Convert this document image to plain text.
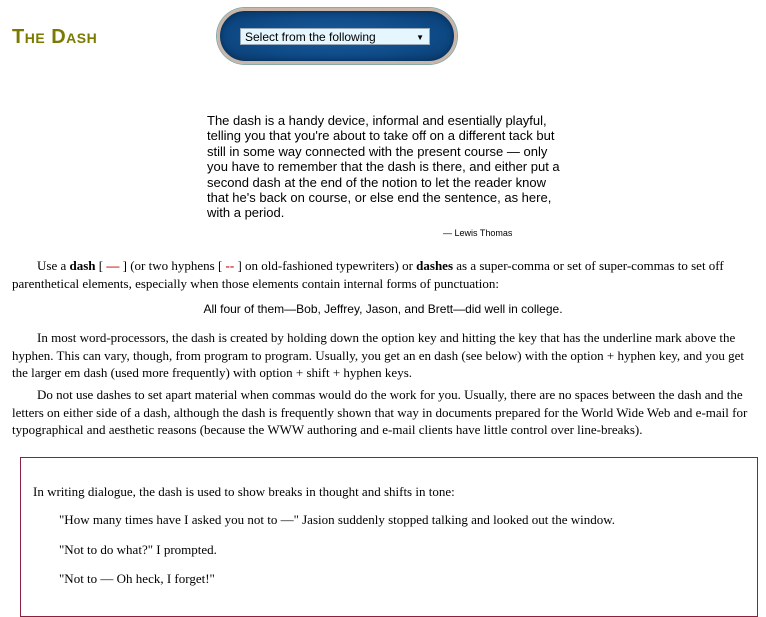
The Dash	Select from the following	▼
The dash is a handy device, informal and esentially playful, telling you that you're about to take off on a different tack but still in some way connected with the present course — only you have to remember that the dash is there, and either put a second dash at the end of the notion to let the reader know that he's back on course, or else end the sentence, as here, with a period.
— Lewis Thomas

Use a dash [ — ] (or two hyphens [ -- ] on old-fashioned typewriters) or dashes as a super-comma or set of super-commas to set off parenthetical elements, especially when those elements contain internal forms of punctuation:

All four of them—Bob, Jeffrey, Jason, and Brett—did well in college.

In most word-processors, the dash is created by holding down the option key and hitting the key that has the underline mark above the hyphen. This can vary, though, from program to program. Usually, you get an en dash (see below) with the option + hyphen key, and you get the larger em dash (used more frequently) with option + shift + hyphen keys.

Do not use dashes to set apart material when commas would do the work for you. Usually, there are no spaces between the dash and the letters on either side of a dash, although the dash is frequently shown that way in documents prepared for the World Wide Web and e-mail for typographical and aesthetic reasons (because the WWW authoring and e-mail clients have little control over line-breaks).

In writing dialogue, the dash is used to show breaks in thought and shifts in tone:

"How many times have I asked you not to —" Jasion suddenly stopped talking and looked out the window.

"Not to do what?" I prompted.

"Not to — Oh heck, I forget!"
